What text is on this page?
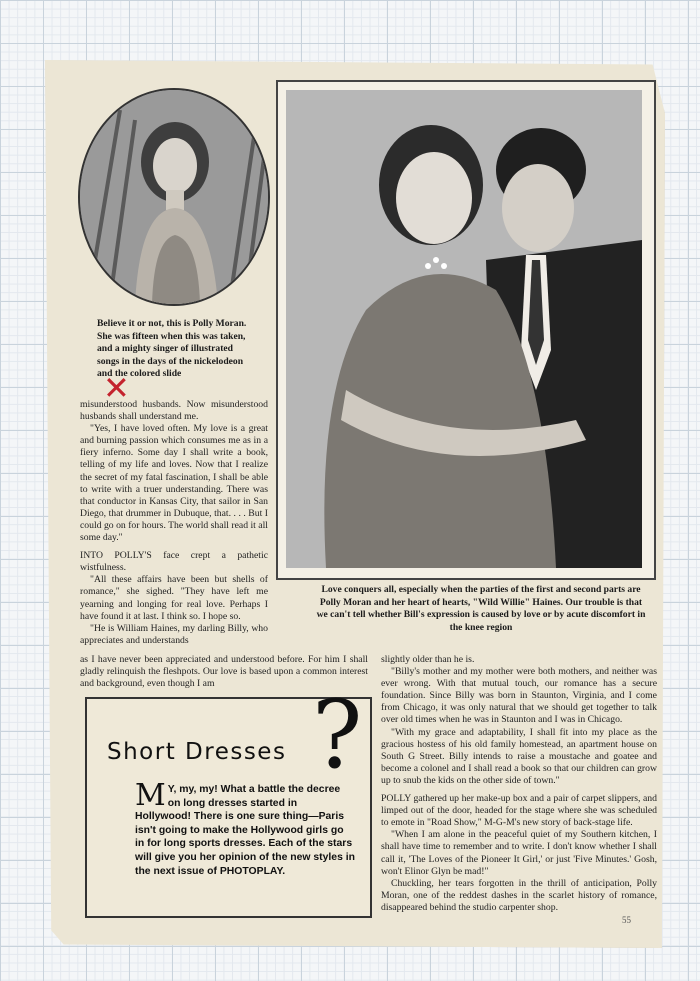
Believe it or not, this is Polly Moran. She was fifteen when this was taken, and a mighty singer of illustrated songs in the days of the nickelodeon and the colored slide
✕
Love conquers all, especially when the parties of the first and second parts are Polly Moran and her heart of hearts, "Wild Willie" Haines. Our trouble is that we can't tell whether Bill's expression is caused by love or by acute discomfort in the knee region

misunderstood husbands. Now misunderstood husbands shall understand me.

"Yes, I have loved often. My love is a great and burning passion which consumes me as in a fiery inferno. Some day I shall write a book, telling of my life and loves. Now that I realize the secret of my fatal fascination, I shall be able to write with a truer understanding. There was that conductor in Kansas City, that sailor in San Diego, that drummer in Dubuque, that. . . . But I could go on for hours. The world shall read it all some day."

INTO POLLY'S face crept a pathetic wistfulness.

"All these affairs have been but shells of romance," she sighed. "They have left me yearning and longing for real love. Perhaps I have found it at last. I think so. I hope so.

"He is William Haines, my darling Billy, who appreciates and understands

as I have never been appreciated and understood before. For him I shall gladly relinquish the fleshpots. Our love is based upon a common interest and background, even though I am

slightly older than he is.

"Billy's mother and my mother were both mothers, and neither was ever wrong. With that mutual touch, our romance has a secure foundation. Since Billy was born in Staunton, Virginia, and I come from Chicago, it was only natural that we should get together to talk over old times when he was in Staunton and I was in Chicago.

"With my grace and adaptability, I shall fit into my place as the gracious hostess of his old family homestead, an apartment house on South G Street. Billy intends to raise a moustache and goatee and become a colonel and I shall read a book so that our children can grow up to snub the kids on the other side of town."

POLLY gathered up her make-up box and a pair of carpet slippers, and limped out of the door, headed for the stage where she was scheduled to emote in "Road Show," M-G-M's new story of back-stage life.

"When I am alone in the peaceful quiet of my Southern kitchen, I shall have time to remember and to write. I don't know whether I shall call it, 'The Loves of the Pioneer It Girl,' or just 'Five Minutes.' Gosh, won't Elinor Glyn be mad!"

Chuckling, her tears forgotten in the thrill of anticipation, Polly Moran, one of the reddest dashes in the scarlet history of romance, disappeared behind the studio carpenter shop.

Short Dresses ?
M Y, my, my! What a battle the decree on long dresses started in Hollywood! There is one sure thing—Paris isn't going to make the Hollywood girls go in for long sports dresses. Each of the stars will give you her opinion of the new styles in the next issue of PHOTOPLAY.
55
